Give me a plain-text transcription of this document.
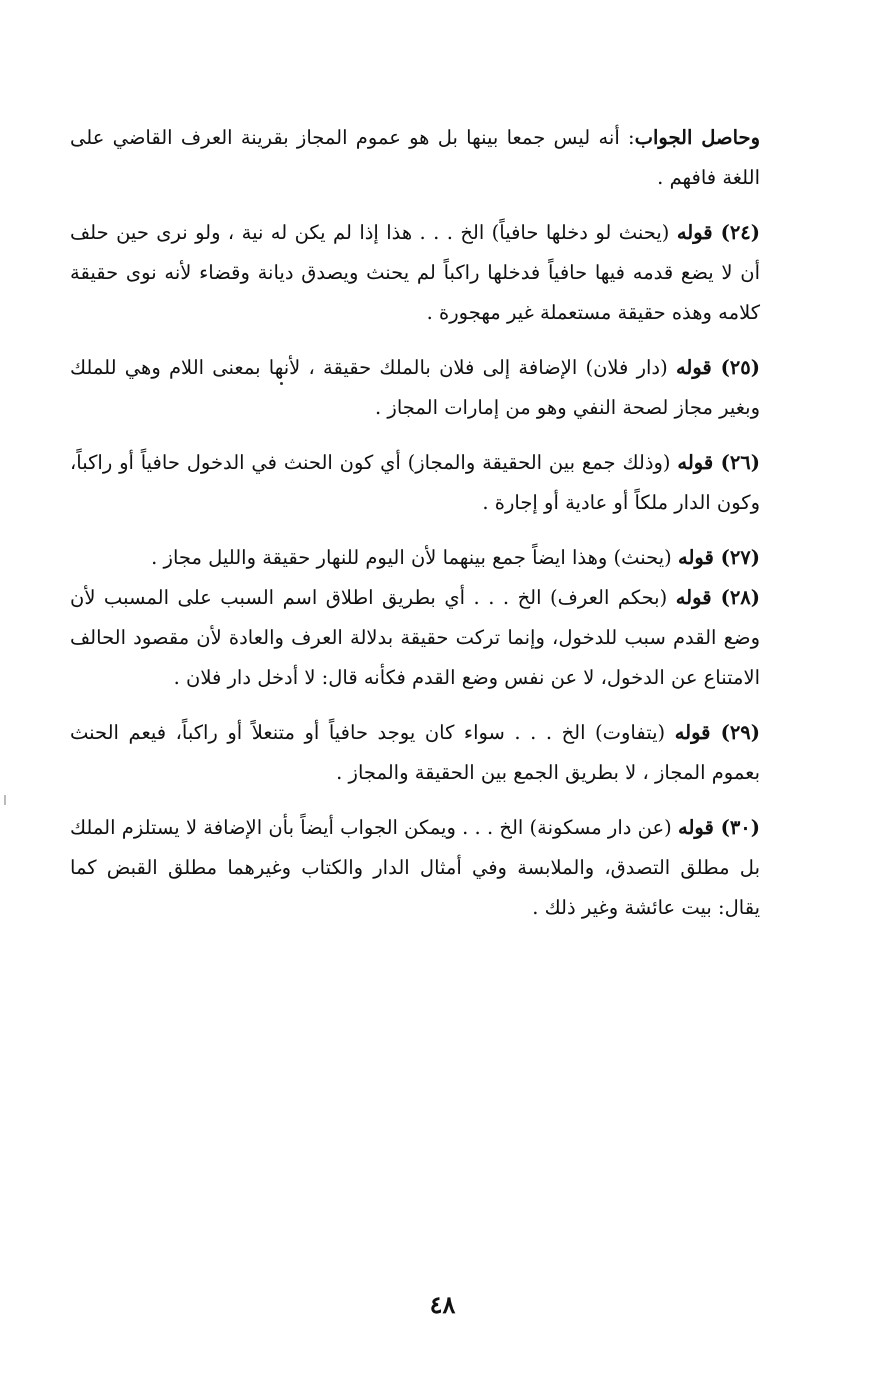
وحاصل الجواب: أنه ليس جمعا بينها بل هو عموم المجاز بقرينة العرف القاضي على اللغة فافهم .

(٢٤) قوله (يحنث لو دخلها حافياً) الخ . . . هذا إذا لم يكن له نية ، ولو نرى حين حلف أن لا يضع قدمه فيها حافياً فدخلها راكباً لم يحنث ويصدق ديانة وقضاء لأنه نوى حقيقة كلامه وهذه حقيقة مستعملة غير مهجورة .

(٢٥) قوله (دار فلان) الإضافة إلى فلان بالملك حقيقة ، لأنها بمعنى اللام وهي للملك وبغير مجاز لصحة النفي وهو من إمارات المجاز .

(٢٦) قوله (وذلك جمع بين الحقيقة والمجاز) أي كون الحنث في الدخول حافياً أو راكباً، وكون الدار ملكاً أو عادية أو إجارة .

(٢٧) قوله (يحنث) وهذا ايضاً جمع بينهما لأن اليوم للنهار حقيقة والليل مجاز .

(٢٨) قوله (بحكم العرف) الخ . . . أي بطريق اطلاق اسم السبب على المسبب لأن وضع القدم سبب للدخول، وإنما تركت حقيقة بدلالة العرف والعادة لأن مقصود الحالف الامتناع عن الدخول، لا عن نفس وضع القدم فكأنه قال: لا أدخل دار فلان .

(٢٩) قوله (يتفاوت) الخ . . . سواء كان يوجد حافياً أو متنعلاً أو راكباً، فيعم الحنث بعموم المجاز ، لا بطريق الجمع بين الحقيقة والمجاز .

(٣٠) قوله (عن دار مسكونة) الخ . . . ويمكن الجواب أيضاً بأن الإضافة لا يستلزم الملك بل مطلق التصدق، والملابسة وفي أمثال الدار والكتاب وغيرهما مطلق القبض كما يقال: بيت عائشة وغير ذلك .

٤٨
